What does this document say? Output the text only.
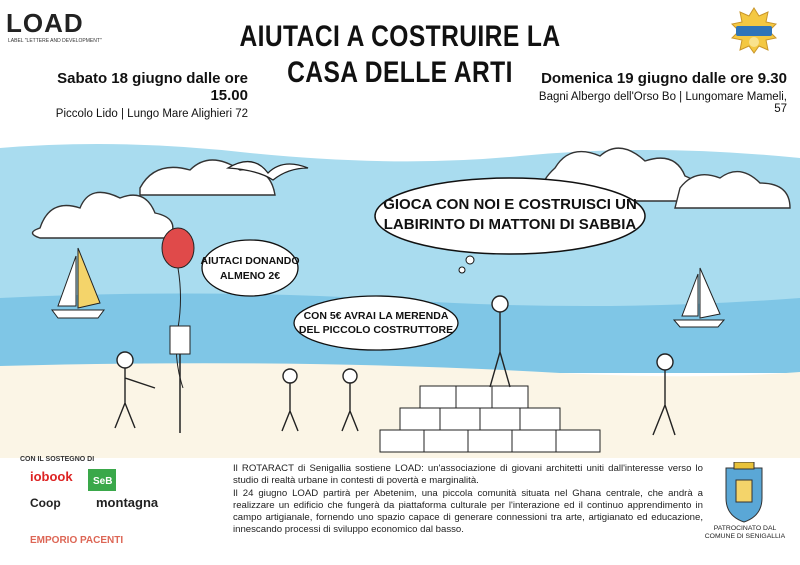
LOAD
LABEL "LETTERE AND DEVELOPMENT"	AIUTACI A COSTRUIRE LA
CASA DELLE ARTI
Sabato 18 giugno dalle ore 15.00
Piccolo Lido | Lungo Mare Alighieri 72
Domenica 19 giugno dalle ore 9.30
Bagni Albergo dell'Orso Bo | Lungomare Mameli, 57
GIOCA CON NOI E COSTRUISCI UN
LABIRINTO DI MATTONI DI SABBIA
AIUTACI DONANDO
ALMENO 2€
CON 5€ AVRAI LA MERENDA
DEL PICCOLO COSTRUTTORE
CON IL SOSTEGNO DI
iobook SeB
Coop	montagna
EMPORIO PACENTI
Il ROTARACT di Senigallia sostiene LOAD: un'associazione di giovani architetti uniti dall'interesse verso lo studio di realtà urbane in contesti di povertà e marginalità.
Il 24 giugno LOAD partirà per Abetenim, una piccola comunità situata nel Ghana centrale, che andrà a realizzare un edificio che fungerà da piattaforma culturale per l'interazione ed il continuo apprendimento in campo artigianale, fornendo uno spazio capace di generare connessioni tra arte, artigianato ed educazione, innescando processi di sviluppo economico dal basso.	PATROCINATO DAL
COMUNE DI SENIGALLIA
